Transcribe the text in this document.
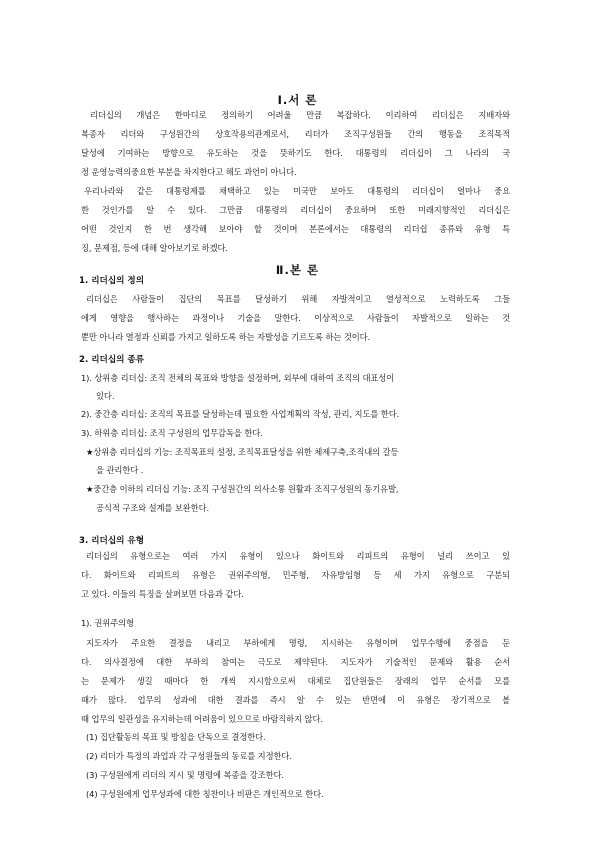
Ⅰ.서 론

리더십의 개념은 한마디로 정의하기 어려울 만큼 복잡하다. 이리하여 리더십은 지배자와

복종자 리더와 구성원간의 상호작용의관계로서, 리더가 조직구성원들 간의 행동을 조직목적

달성에 기여하는 방향으로 유도하는 것을 뜻하기도 한다. 대통령의 리더십이 그 나라의 국

정 운영능력의중요한 부분을 차지한다고 해도 과언이 아니다.

우리나라와 같은 대통령제를 채택하고 있는 미국만 보아도 대통령의 리더십이 얼마나 중요

한 것인가를 알 수 있다. 그만큼 대통령의 리더십이 중요하며 또한 미래지향적인 리더십은

어떤 것인지 한 번 생각해 보아야 할 것이며 본론에서는 대통령의 리더쉽 종류와 유형 특

징, 문제점, 등에 대해 알아보기로 하겠다.

Ⅱ.본 론
1. 리더십의 정의

리더십은 사람들이 집단의 목표를 달성하기 위해 자발적이고 열성적으로 노력하도록 그들

에게 영향을 행사하는 과정이나 기술을 말한다. 이상적으로 사람들이 자발적으로 일하는 것

뿐만 아니라 열정과 신뢰를 가지고 일하도록 하는 자발성을 기르도록 하는 것이다.

2. 리더십의 종류

1). 상위층 리더십: 조직 전체의 목표와 방향을 설정하며, 외부에 대하여 조직의 대표성이

있다.

2). 중간층 리더십: 조직의 목표를 달성하는데 필요한 사업계획의 작성, 관리, 지도를 한다.

3). 하위층 리더십: 조직 구성원의 업무감독을 한다.

★상위층 리더십의 기능: 조직목표의 설정, 조직목표달성을 위한 체제구축,조직내의 갈등

을 관리한다 .

★중간층 이하의 리더십 기능: 조직 구성원간의 의사소통 원활과 조직구성원의 동기유발,

공식적 구조와 설계를 보완한다.

3. 리더십의 유형

리더십의 유형으로는 여러 가지 유형이 있으나 화이트와 리피트의 유형이 널리 쓰이고 있

다. 화이트와 리피트의 유형은 권위주의형, 민주형, 자유방임형 등 세 가지 유형으로 구분되

고 있다. 이들의 특징을 살펴보면 다음과 같다.

1). 권위주의형

지도자가 주요한 결정을 내리고 부하에게 명령, 지시하는 유형이며 업무수행에 중점을 둔

다. 의사결정에 대한 부하의 참여는 극도로 제약된다. 지도자가 기술적인 문제와 활용 순서

는 문제가 생길 때마다 한 개씩 지시함으로써 대체로 집단원들은 장래의 업무 순서를 모를

때가 많다. 업무의 성과에 대한 결과를 즉시 알 수 있는 반면에 이 유형은 장기적으로 볼

때 업무의 일관성을 유지하는데 어려움이 있으므로 바람직하지 않다.

(1) 집단활동의 목표 및 방침을 단독으로 결정한다.

(2) 리더가 특정의 과업과 각 구성원들의 동료를 지정한다.

(3) 구성원에게 리더의 지시 및 명령에 복종을 강조한다.

(4) 구성원에게 업무성과에 대한 칭찬이나 비판은 개인적으로 한다.
